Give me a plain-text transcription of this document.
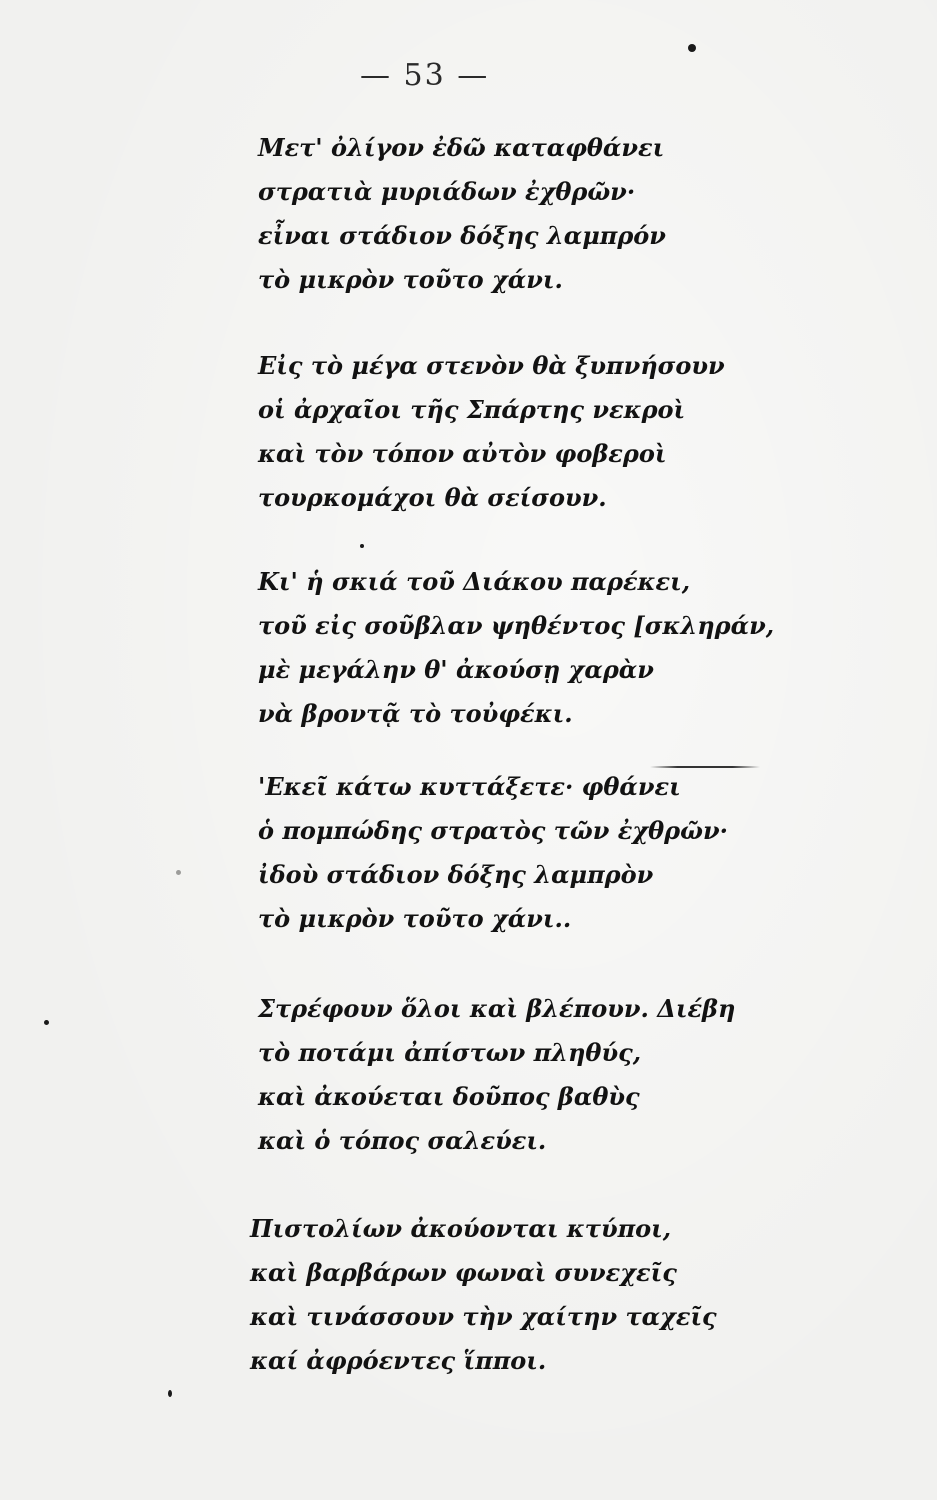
— 53 —
Μετ' ὀλίγον ἐδῶ καταφθάνει
στρατιὰ μυριάδων ἐχθρῶν·
εἶναι στάδιον δόξης λαμπρόν
τὸ μικρὸν τοῦτο χάνι.
Εἰς τὸ μέγα στενὸν θὰ ξυπνήσουν
οἱ ἀρχαῖοι τῆς Σπάρτης νεκροὶ
καὶ τὸν τόπον αὐτὸν φοβεροὶ
τουρκομάχοι θὰ σείσουν.
Κι' ἡ σκιά τοῦ Διάκου παρέκει,
τοῦ εἰς σοῦβλαν ψηθέντος [σκληράν,
μὲ μεγάλην θ' ἀκούσῃ χαρὰν
νὰ βροντᾷ τὸ τοὐφέκι.
'Εκεῖ κάτω κυττάξετε· φθάνει
ὁ πομπώδης στρατὸς τῶν ἐχθρῶν·
ἰδοὺ στάδιον δόξης λαμπρὸν
τὸ μικρὸν τοῦτο χάνι..
Στρέφουν ὅλοι καὶ βλέπουν. Διέβη
τὸ ποτάμι ἀπίστων πληθύς,
καὶ ἀκούεται δοῦπος βαθὺς
καὶ ὁ τόπος σαλεύει.
Πιστολίων ἀκούονται κτύποι,
καὶ βαρβάρων φωναὶ συνεχεῖς
καὶ τινάσσουν τὴν χαίτην ταχεῖς
καί ἀφρόεντες ἵπποι.
